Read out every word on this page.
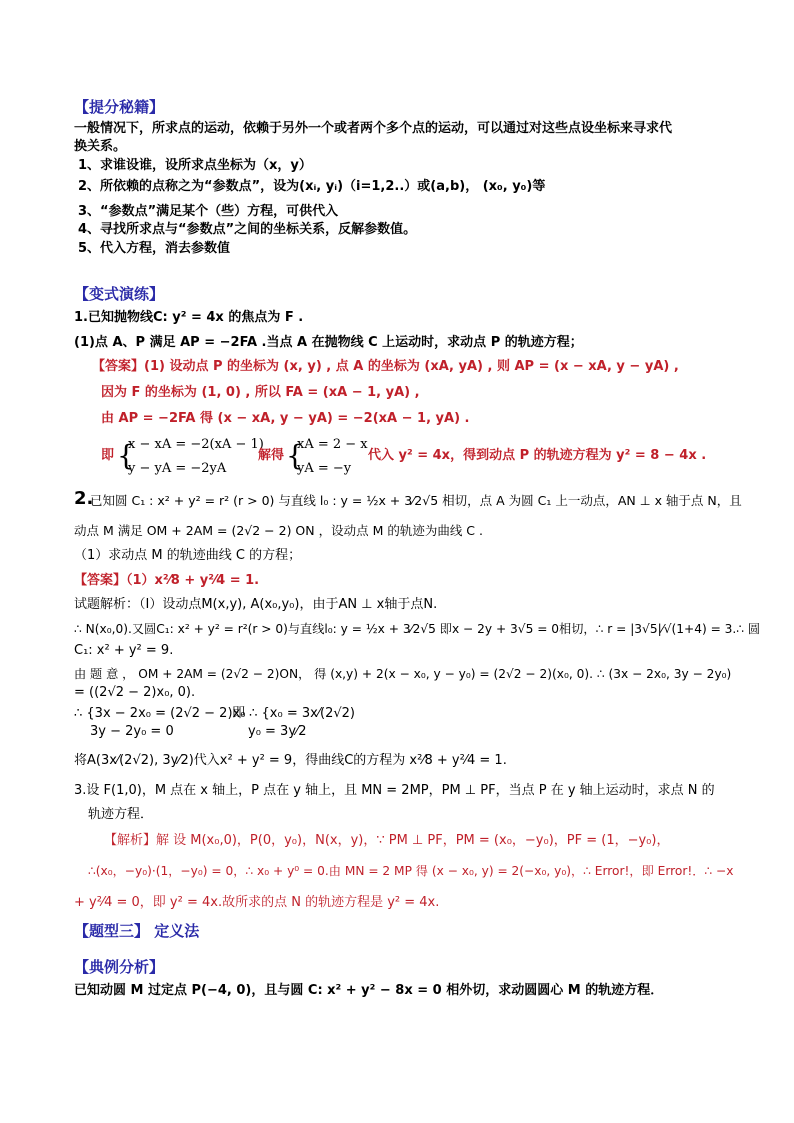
【提分秘籍】
一般情况下，所求点的运动，依赖于另外一个或者两个多个点的运动，可以通过对这些点设坐标来寻求代
换关系。
1、求谁设谁，设所求点坐标为（x，y）
2、所依赖的点称之为“参数点”，设为(xᵢ, yᵢ)（i=1,2..）或(a,b)， (x₀, y₀)等
3、“参数点”满足某个（些）方程，可供代入
4、寻找所求点与“参数点”之间的坐标关系，反解参数值。
5、代入方程，消去参数值
【变式演练】
1.已知抛物线C: y² = 4x 的焦点为 F .
(1)点 A、P 满足 AP = −2FA .当点 A 在抛物线 C 上运动时，求动点 P 的轨迹方程；
【答案】(1) 设动点 P 的坐标为 (x, y) , 点 A 的坐标为 (xA, yA) , 则 AP = (x − xA, y − yA) ,
因为 F 的坐标为 (1, 0) , 所以 FA = (xA − 1, yA) ,
由 AP = −2FA 得 (x − xA, y − yA) = −2(xA − 1, yA) .
即 {
x − xA = −2(xA − 1)
y − yA = −2yA
解得 {
xA = 2 − x
yA = −y
代入 y² = 4x，得到动点 P 的轨迹方程为 y² = 8 − 4x .
2.
已知圆 C₁ : x² + y² = r² (r > 0) 与直线 l₀ : y = ½x + 3⁄2√5 相切，点 A 为圆 C₁ 上一动点，AN ⊥ x 轴于点 N，且
动点 M 满足 OM + 2AM = (2√2 − 2) ON ，设动点 M 的轨迹为曲线 C .
（1）求动点 M 的轨迹曲线 C 的方程；
【答案】（1）x²⁄8 + y²⁄4 = 1.
试题解析：（I）设动点M(x,y), A(x₀,y₀)，由于AN ⊥ x轴于点N.
∴ N(x₀,0).又圆C₁: x² + y² = r²(r > 0)与直线l₀: y = ½x + 3⁄2√5 即x − 2y + 3√5 = 0相切，∴ r = |3√5|⁄√(1+4) = 3.∴ 圆
C₁: x² + y² = 9.
由 题 意 ， OM + 2AM = (2√2 − 2)ON， 得 (x,y) + 2(x − x₀, y − y₀) = (2√2 − 2)(x₀, 0). ∴ (3x − 2x₀, 3y − 2y₀)
= ((2√2 − 2)x₀, 0).
∴ {3x − 2x₀ = (2√2 − 2)x₀
3y − 2y₀ = 0
即 ∴ {x₀ = 3x⁄(2√2)
y₀ = 3y⁄2
将A(3x⁄(2√2), 3y⁄2)代入x² + y² = 9，得曲线C的方程为 x²⁄8 + y²⁄4 = 1.
3.设 F(1,0)，M 点在 x 轴上，P 点在 y 轴上，且 MN = 2MP，PM ⊥ PF，当点 P 在 y 轴上运动时，求点 N 的
轨迹方程．
【解析】解 设 M(x₀,0)，P(0，y₀)，N(x，y)，∵ PM ⊥ PF，PM = (x₀，−y₀)，PF = (1，−y₀)，
∴(x₀，−y₀)·(1，−y₀) = 0，∴ x₀ + y⁰ = 0.由 MN = 2 MP 得 (x − x₀, y) = 2(−x₀, y₀)，∴ Error!，即 Error!．∴ −x
+ y²⁄4 = 0，即 y² = 4x.故所求的点 N 的轨迹方程是 y² = 4x.
【题型三】 定义法
【典例分析】
已知动圆 M 过定点 P(−4, 0)，且与圆 C: x² + y² − 8x = 0 相外切，求动圆圆心 M 的轨迹方程．
